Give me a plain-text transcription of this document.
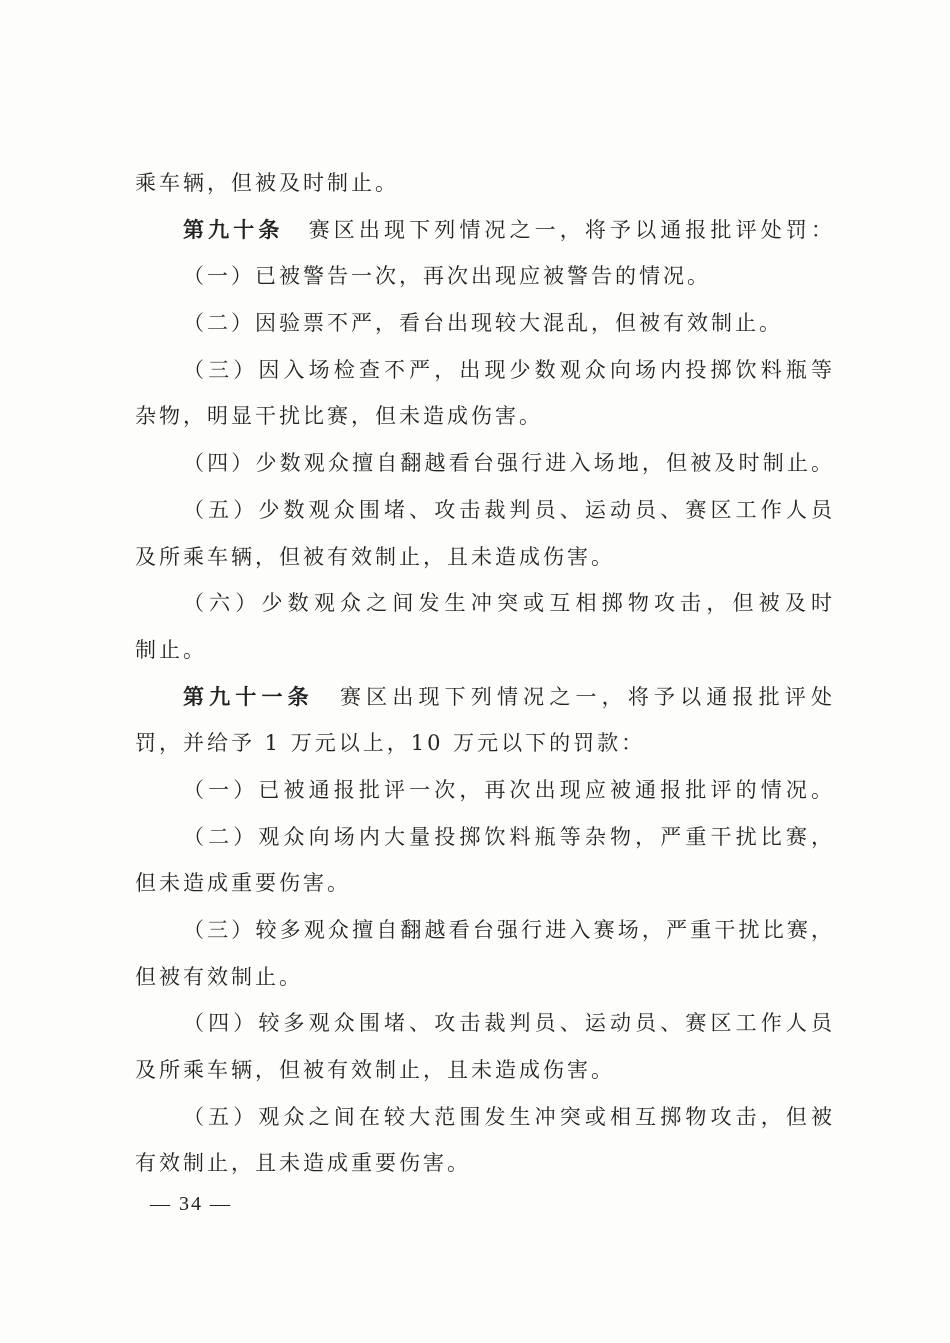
乘车辆，但被及时制止。
第九十条　赛区出现下列情况之一，将予以通报批评处罚：
（一）已被警告一次，再次出现应被警告的情况。
（二）因验票不严，看台出现较大混乱，但被有效制止。
（三）因入场检查不严，出现少数观众向场内投掷饮料瓶等
杂物，明显干扰比赛，但未造成伤害。
（四）少数观众擅自翻越看台强行进入场地，但被及时制止。
（五）少数观众围堵、攻击裁判员、运动员、赛区工作人员
及所乘车辆，但被有效制止，且未造成伤害。
（六）少数观众之间发生冲突或互相掷物攻击，但被及时
制止。
第九十一条　赛区出现下列情况之一，将予以通报批评处
罚，并给予 1 万元以上，10 万元以下的罚款：
（一）已被通报批评一次，再次出现应被通报批评的情况。
（二）观众向场内大量投掷饮料瓶等杂物，严重干扰比赛，
但未造成重要伤害。
（三）较多观众擅自翻越看台强行进入赛场，严重干扰比赛，
但被有效制止。
（四）较多观众围堵、攻击裁判员、运动员、赛区工作人员
及所乘车辆，但被有效制止，且未造成伤害。
（五）观众之间在较大范围发生冲突或相互掷物攻击，但被
有效制止，且未造成重要伤害。
— 34 —
